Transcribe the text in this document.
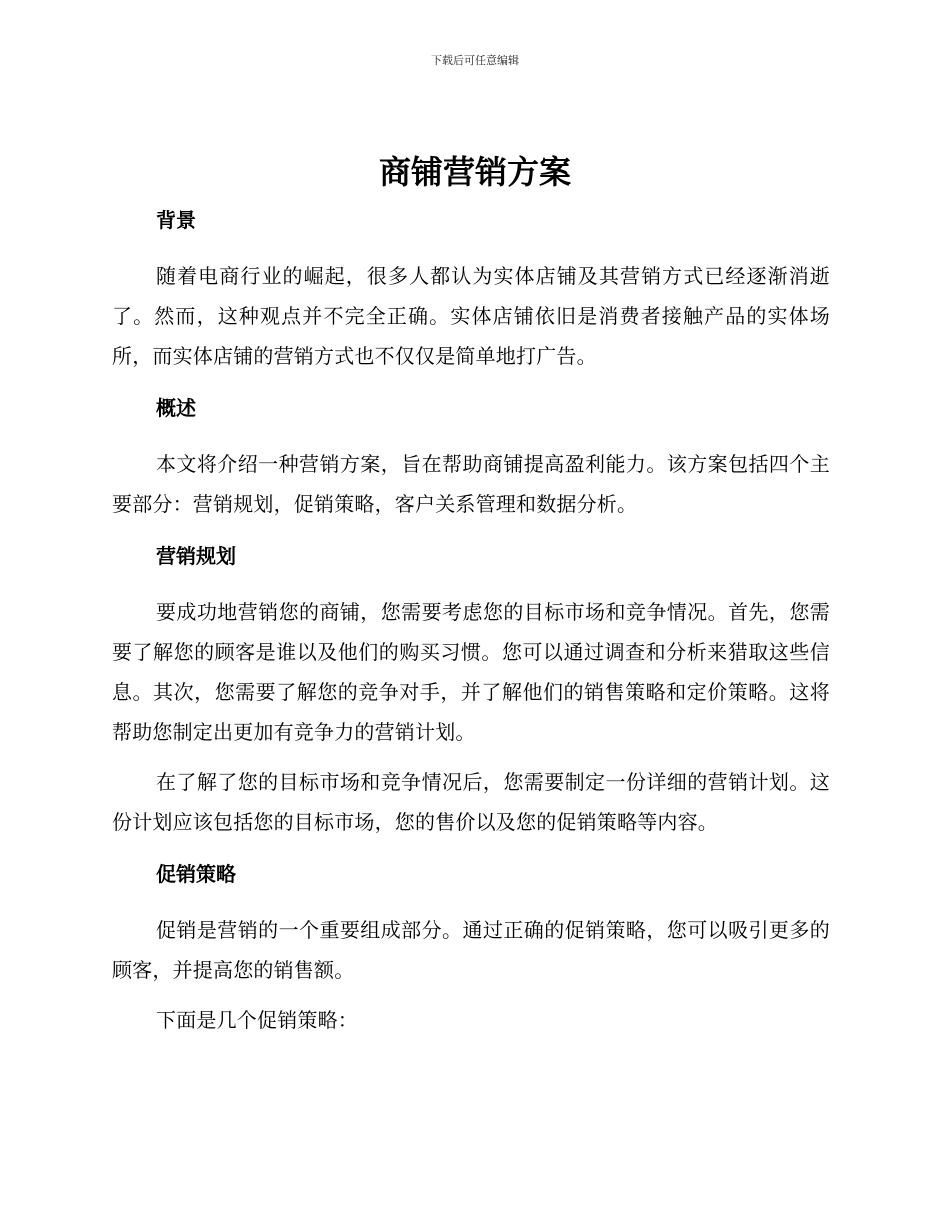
下载后可任意编辑
商铺营销方案
背景

随着电商行业的崛起，很多人都认为实体店铺及其营销方式已经逐渐消逝了。然而，这种观点并不完全正确。实体店铺依旧是消费者接触产品的实体场所，而实体店铺的营销方式也不仅仅是简单地打广告。

概述

本文将介绍一种营销方案，旨在帮助商铺提高盈利能力。该方案包括四个主要部分：营销规划，促销策略，客户关系管理和数据分析。

营销规划

要成功地营销您的商铺，您需要考虑您的目标市场和竞争情况。首先，您需要了解您的顾客是谁以及他们的购买习惯。您可以通过调查和分析来猎取这些信息。其次，您需要了解您的竞争对手，并了解他们的销售策略和定价策略。这将帮助您制定出更加有竞争力的营销计划。

在了解了您的目标市场和竞争情况后，您需要制定一份详细的营销计划。这份计划应该包括您的目标市场，您的售价以及您的促销策略等内容。

促销策略

促销是营销的一个重要组成部分。通过正确的促销策略，您可以吸引更多的顾客，并提高您的销售额。

下面是几个促销策略：
